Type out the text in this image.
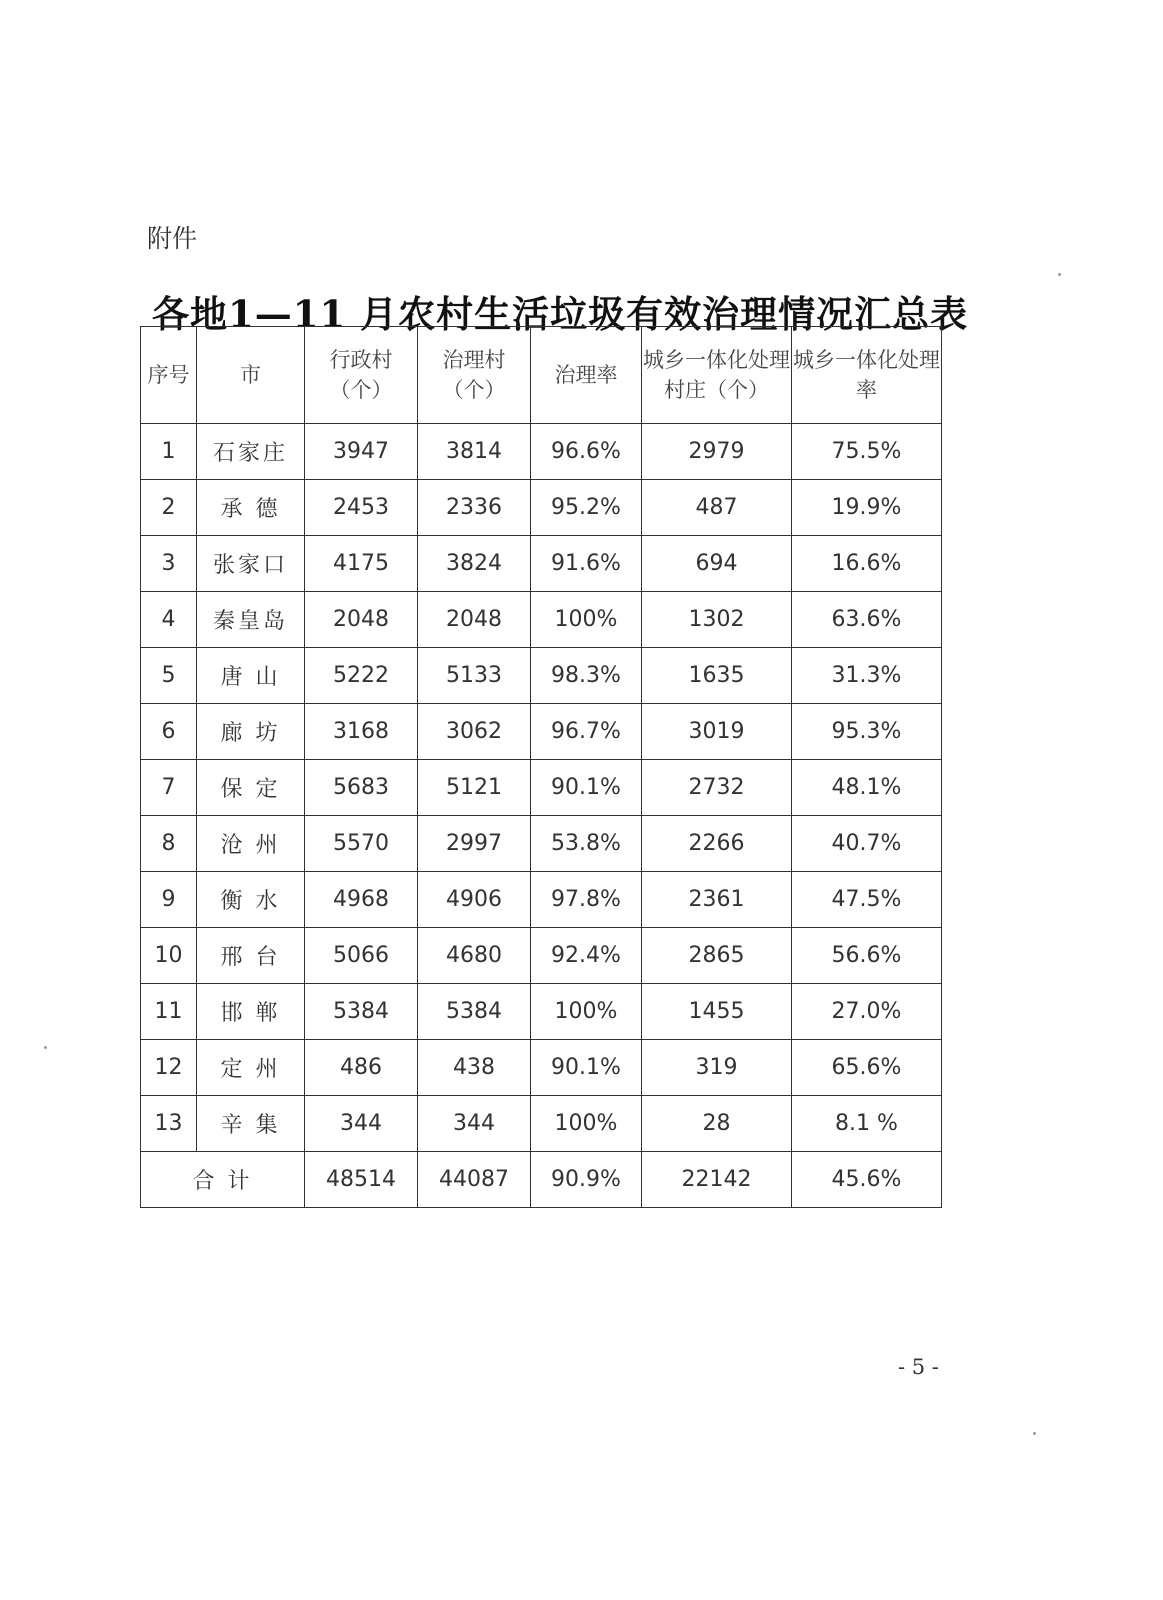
附件
各地1—11 月农村生活垃圾有效治理情况汇总表
序号	市	行政村（个）	治理村（个）	治理率	城乡一体化处理村庄（个）	城乡一体化处理率
1	石家庄	3947	3814	96.6%	2979	75.5%
2	承 德	2453	2336	95.2%	487	19.9%
3	张家口	4175	3824	91.6%	694	16.6%
4	秦皇岛	2048	2048	100%	1302	63.6%
5	唐 山	5222	5133	98.3%	1635	31.3%
6	廊 坊	3168	3062	96.7%	3019	95.3%
7	保 定	5683	5121	90.1%	2732	48.1%
8	沧 州	5570	2997	53.8%	2266	40.7%
9	衡 水	4968	4906	97.8%	2361	47.5%
10	邢 台	5066	4680	92.4%	2865	56.6%
11	邯 郸	5384	5384	100%	1455	27.0%
12	定 州	486	438	90.1%	319	65.6%
13	辛 集	344	344	100%	28	8.1 %
合 计		48514	44087	90.9%	22142	45.6%
- 5 -
